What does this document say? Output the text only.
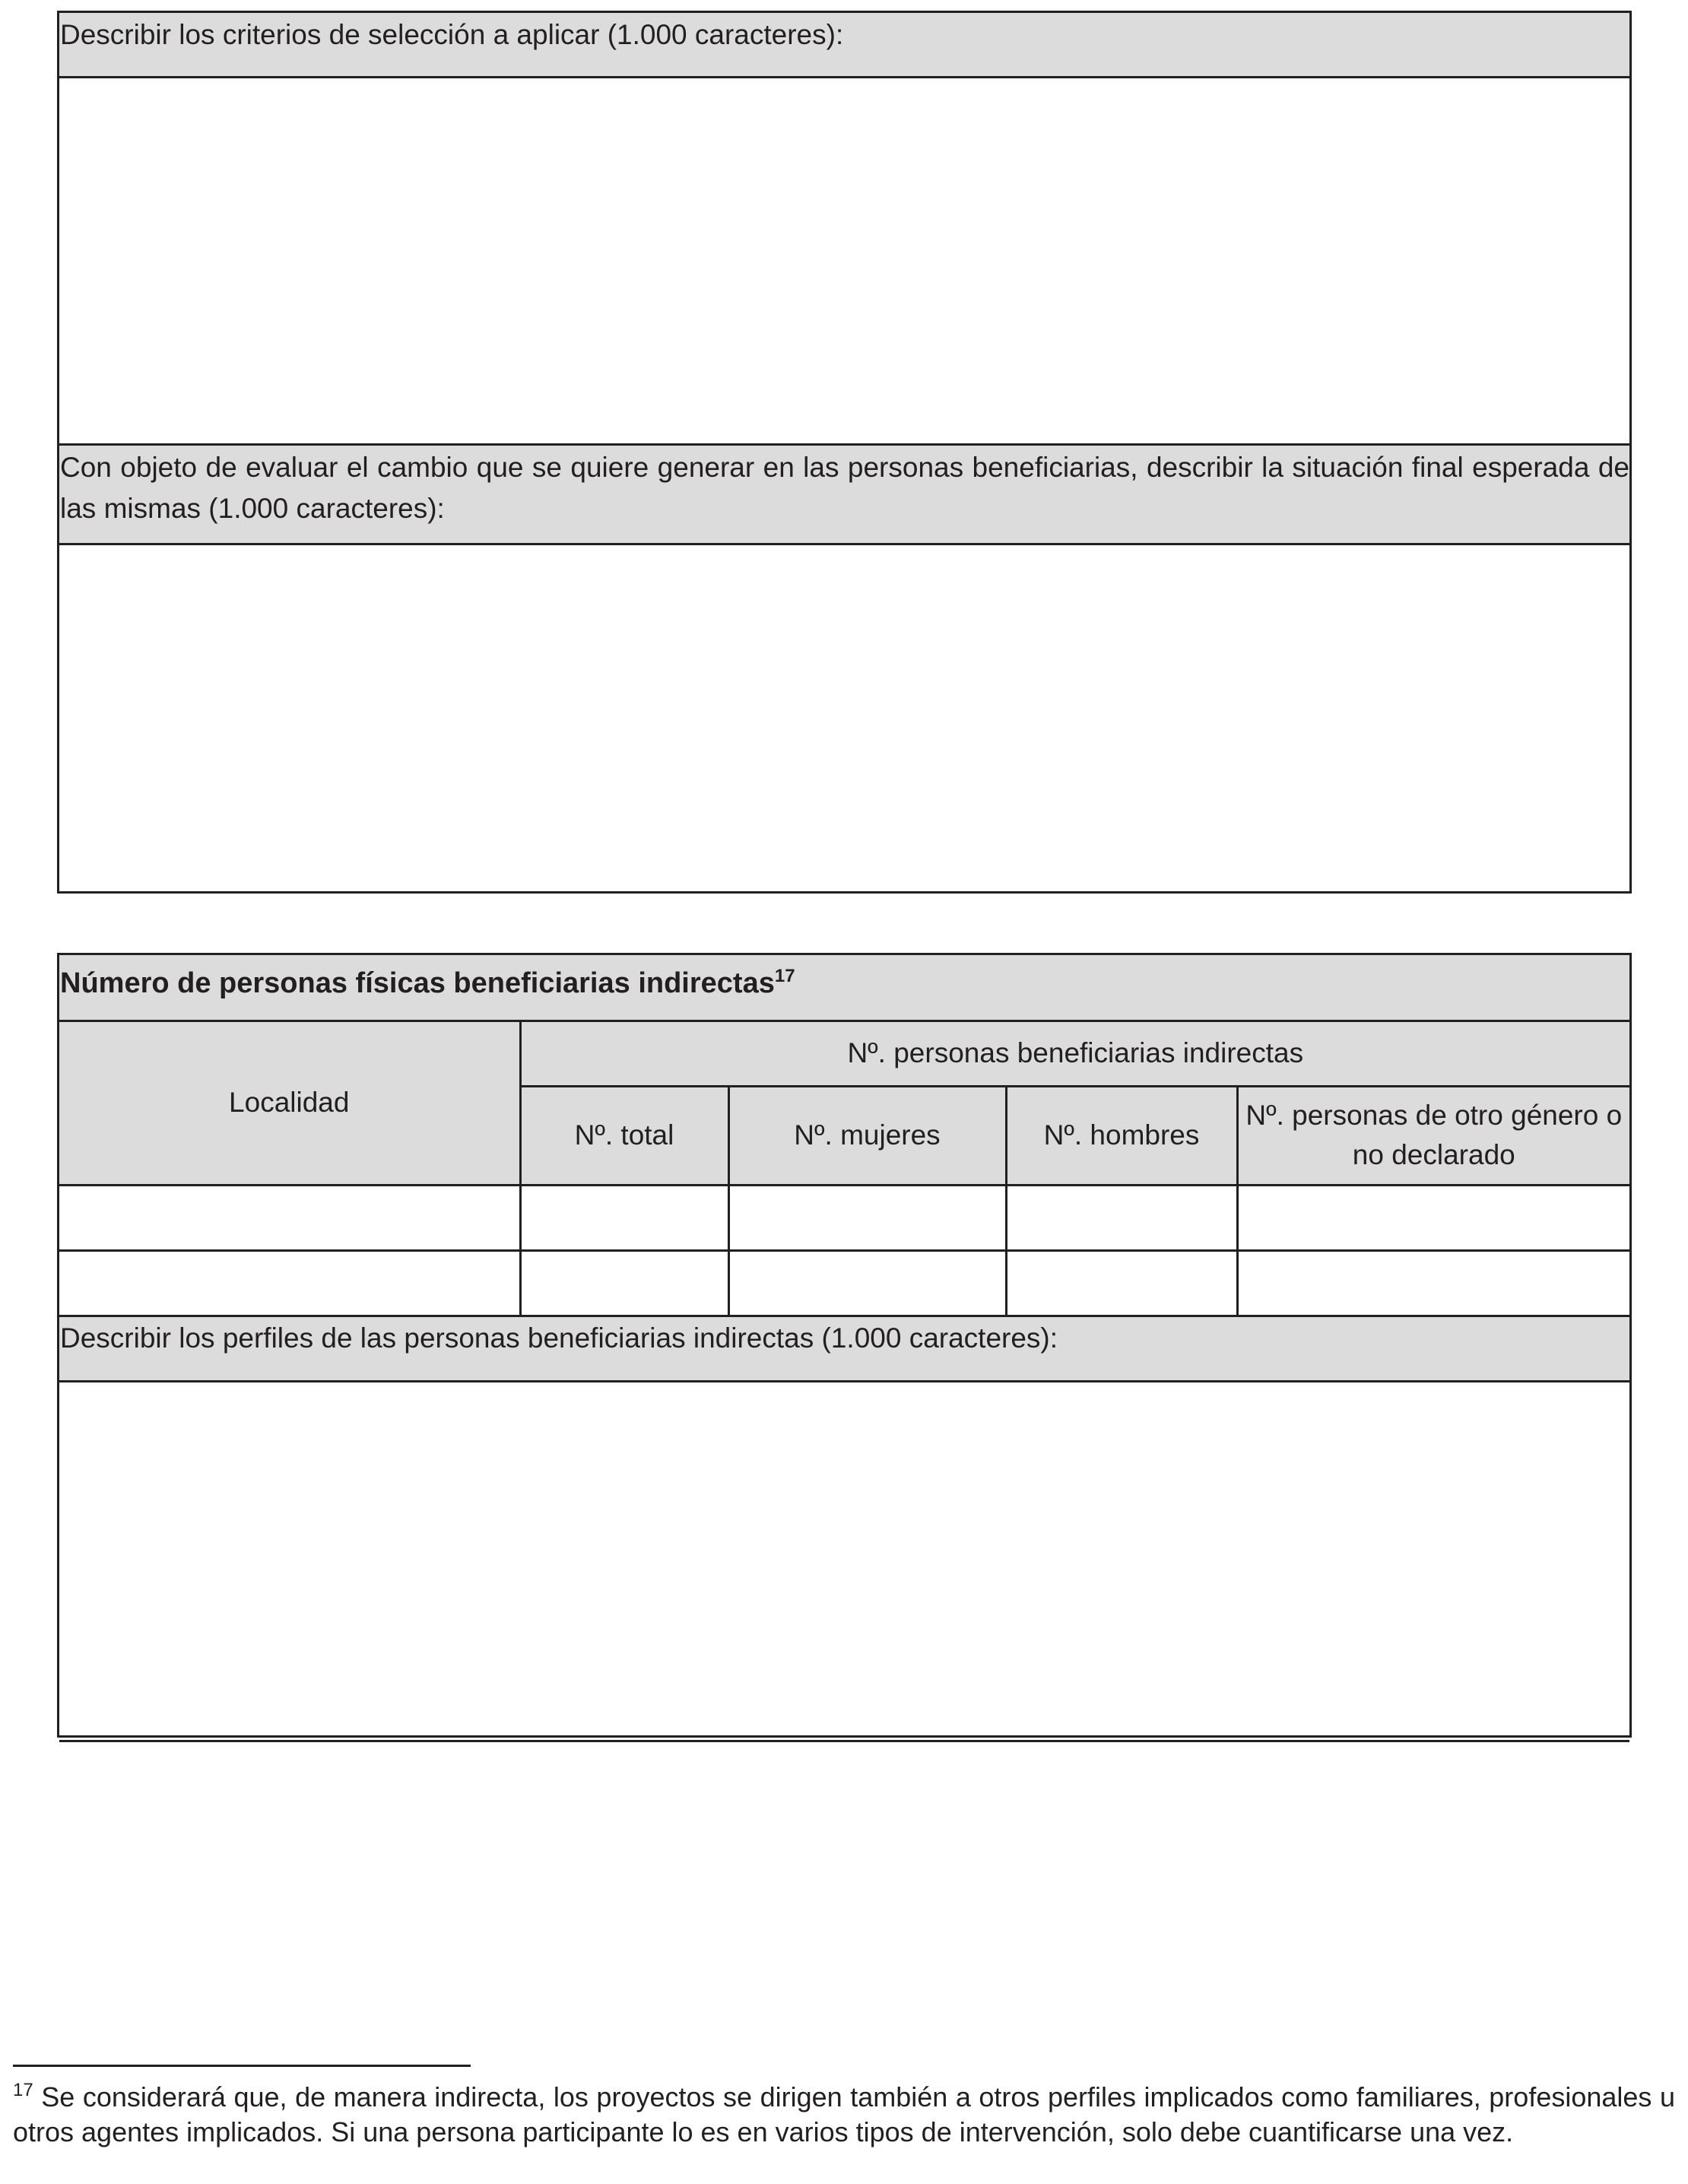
Describir los criterios de selección a aplicar (1.000 caracteres):
Con objeto de evaluar el cambio que se quiere generar en las personas beneficiarias, describir la situación final esperada de las mismas (1.000 caracteres):
Número de personas físicas beneficiarias indirectas$^{17}$
Localidad	Nº. personas beneficiarias indirectas			
	Nº. total	Nº. mujeres	Nº. hombres	Nº. personas de otro género o no declarado

Describir los perfiles de las personas beneficiarias indirectas (1.000 caracteres):				

$^{17}$ Se considerará que, de manera indirecta, los proyectos se dirigen también a otros perfiles implicados como familiares, profesionales u otros agentes implicados. Si una persona participante lo es en varios tipos de intervención, solo debe cuantificarse una vez.
